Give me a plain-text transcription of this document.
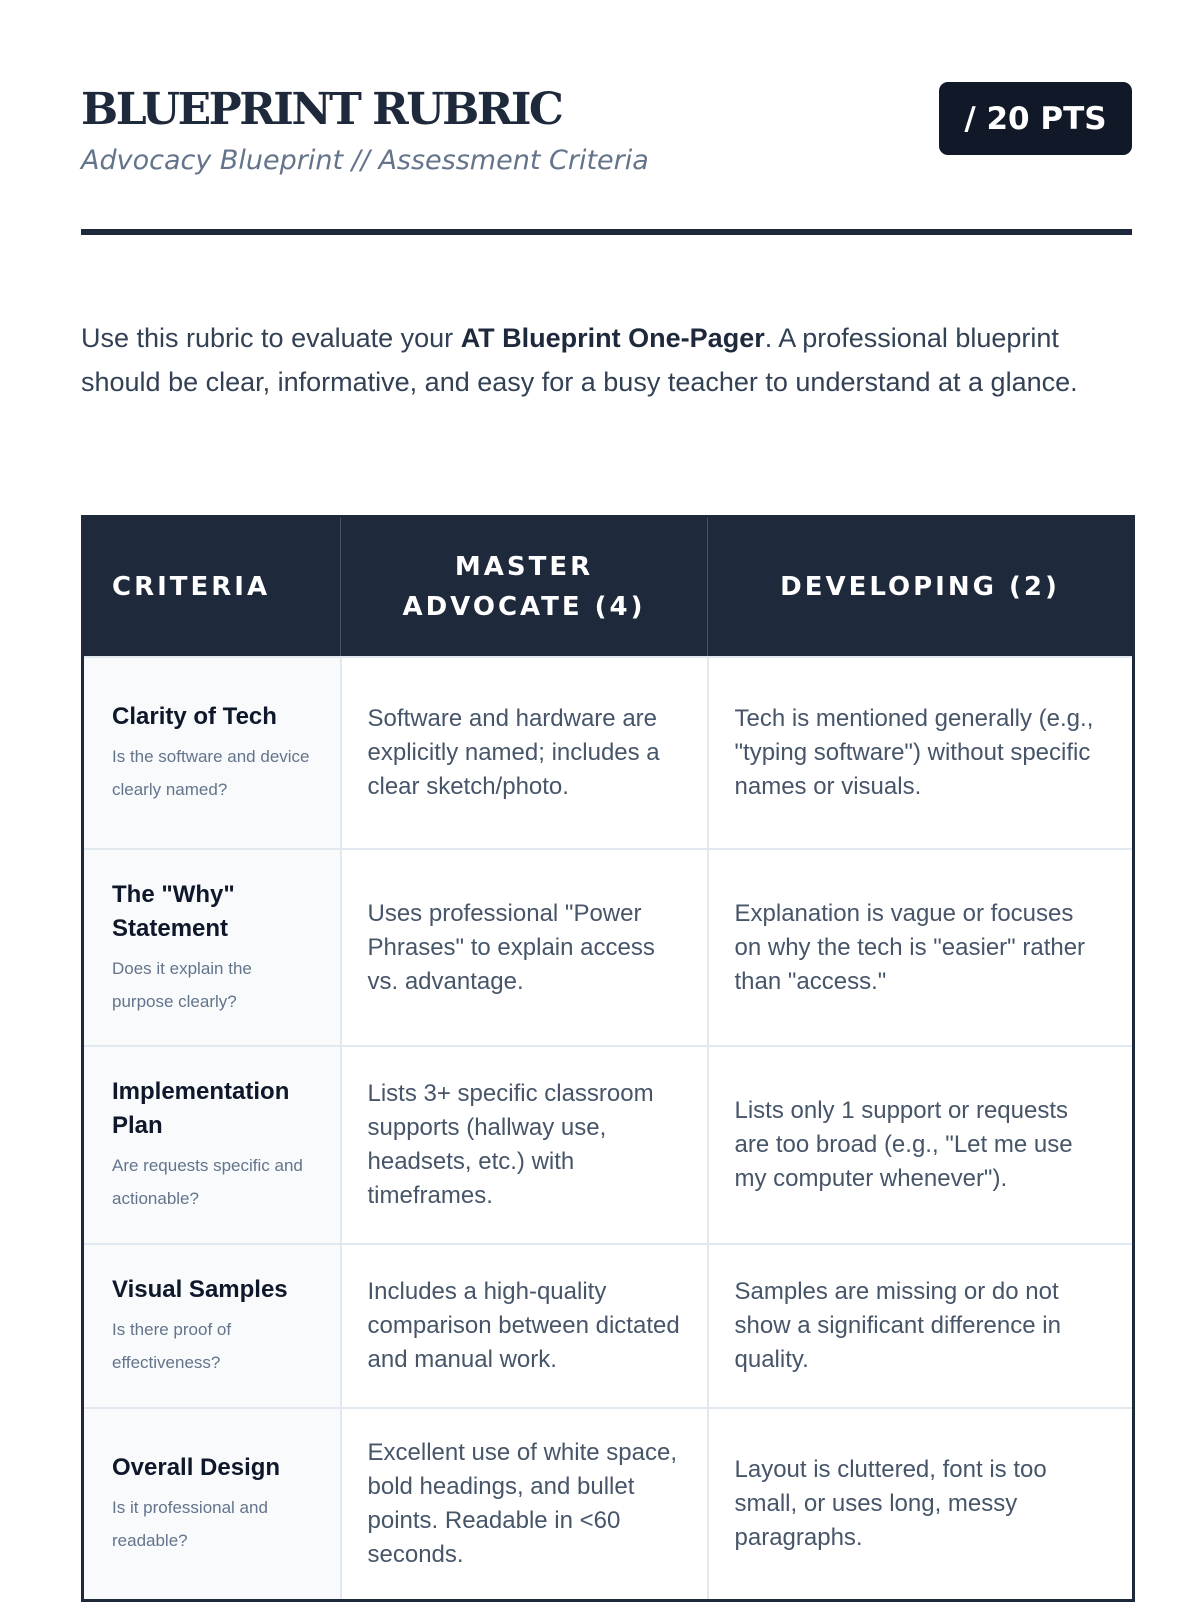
BLUEPRINT RUBRIC
Advocacy Blueprint // Assessment Criteria
/ 20 PTS

Use this rubric to evaluate your AT Blueprint One-Pager. A professional blueprint should be clear, informative, and easy for a busy teacher to understand at a glance.

CRITERIA	MASTER ADVOCATE (4)	DEVELOPING (2)

Clarity of Tech
Is the software and device clearly named?	Software and hardware are explicitly named; includes a clear sketch/photo.	Tech is mentioned generally (e.g., "typing software") without specific names or visuals.

The "Why" Statement
Does it explain the purpose clearly?	Uses professional "Power Phrases" to explain access vs. advantage.	Explanation is vague or focuses on why the tech is "easier" rather than "access."

Implementation Plan
Are requests specific and actionable?	Lists 3+ specific classroom supports (hallway use, headsets, etc.) with timeframes.	Lists only 1 support or requests are too broad (e.g., "Let me use my computer whenever").

Visual Samples
Is there proof of effectiveness?	Includes a high-quality comparison between dictated and manual work.	Samples are missing or do not show a significant difference in quality.

Overall Design
Is it professional and readable?	Excellent use of white space, bold headings, and bullet points. Readable in <60 seconds.	Layout is cluttered, font is too small, or uses long, messy paragraphs.
